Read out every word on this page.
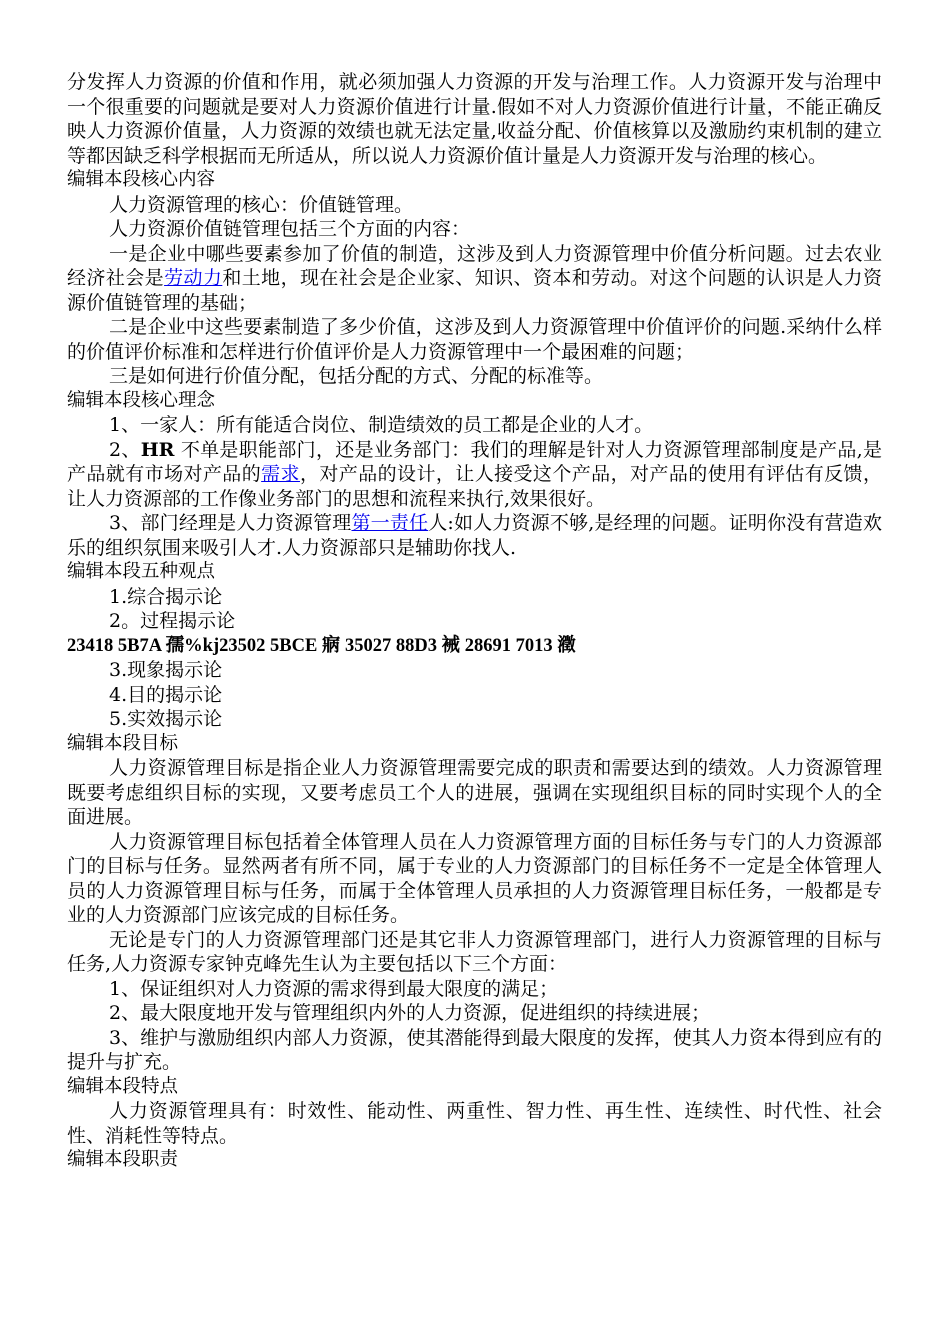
分发挥人力资源的价值和作用，就必须加强人力资源的开发与治理工作。人力资源开发与治理中一个很重要的问题就是要对人力资源价值进行计量.假如不对人力资源价值进行计量，不能正确反映人力资源价值量，人力资源的效绩也就无法定量,收益分配、价值核算以及激励约束机制的建立等都因缺乏科学根据而无所适从，所以说人力资源价值计量是人力资源开发与治理的核心。

编辑本段核心内容

人力资源管理的核心：价值链管理。

人力资源价值链管理包括三个方面的内容：

一是企业中哪些要素参加了价值的制造，这涉及到人力资源管理中价值分析问题。过去农业经济社会是劳动力和土地，现在社会是企业家、知识、资本和劳动。对这个问题的认识是人力资源价值链管理的基础；

二是企业中这些要素制造了多少价值，这涉及到人力资源管理中价值评价的问题.采纳什么样的价值评价标准和怎样进行价值评价是人力资源管理中一个最困难的问题；

三是如何进行价值分配，包括分配的方式、分配的标准等。

编辑本段核心理念

1、一家人：所有能适合岗位、制造绩效的员工都是企业的人才。

2、HR 不单是职能部门，还是业务部门：我们的理解是针对人力资源管理部制度是产品,是产品就有市场对产品的需求，对产品的设计，让人接受这个产品，对产品的使用有评估有反馈，让人力资源部的工作像业务部门的思想和流程来执行,效果很好。

3、部门经理是人力资源管理第一责任人:如人力资源不够,是经理的问题。证明你没有营造欢乐的组织氛围来吸引人才.人力资源部只是辅助你找人.

编辑本段五种观点

1.综合揭示论

2。过程揭示论

23418 5B7A 孺%kj23502 5BCE 寎 35027 88D3 裓 28691 7013 瀓

3.现象揭示论

4.目的揭示论

5.实效揭示论

编辑本段目标

人力资源管理目标是指企业人力资源管理需要完成的职责和需要达到的绩效。人力资源管理既要考虑组织目标的实现，又要考虑员工个人的进展，强调在实现组织目标的同时实现个人的全面进展。

人力资源管理目标包括着全体管理人员在人力资源管理方面的目标任务与专门的人力资源部门的目标与任务。显然两者有所不同，属于专业的人力资源部门的目标任务不一定是全体管理人员的人力资源管理目标与任务，而属于全体管理人员承担的人力资源管理目标任务，一般都是专业的人力资源部门应该完成的目标任务。

无论是专门的人力资源管理部门还是其它非人力资源管理部门，进行人力资源管理的目标与任务,人力资源专家钟克峰先生认为主要包括以下三个方面：

1、保证组织对人力资源的需求得到最大限度的满足；

2、最大限度地开发与管理组织内外的人力资源，促进组织的持续进展；

3、维护与激励组织内部人力资源，使其潜能得到最大限度的发挥，使其人力资本得到应有的提升与扩充。

编辑本段特点

人力资源管理具有：时效性、能动性、两重性、智力性、再生性、连续性、时代性、社会性、消耗性等特点。

编辑本段职责
